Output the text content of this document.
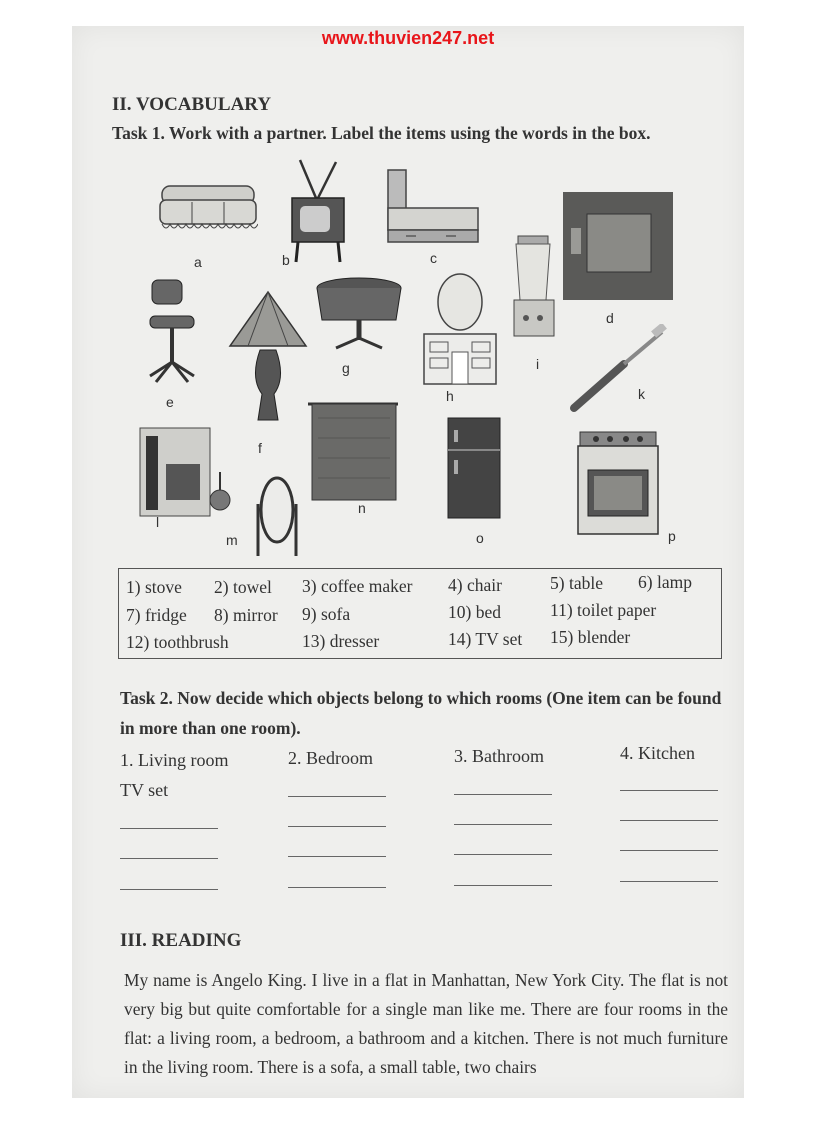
www.thuvien247.net
II. VOCABULARY
Task 1. Work with a partner. Label the items using the words in the box.
a	b	c
d
i
e
f
g
h	k
l
m
n
o	p
1) stove 2) towel 3) coffee maker 4) chair	5) table 6) lamp
7) fridge 8) mirror 9) sofa	10) bed	11) toilet paper
12) toothbrush	13) dresser	14) TV set 15) blender
Task 2. Now decide which objects belong to which rooms (One item can be found in more than one room).
1. Living room	2. Bedroom	3. Bathroom	4. Kitchen
TV set
III. READING
My name is Angelo King. I live in a flat in Manhattan, New York City. The flat is not very big but quite comfortable for a single man like me. There are four rooms in the flat: a living room, a bedroom, a bathroom and a kitchen. There is not much furniture in the living room. There is a sofa, a small table, two chairs
